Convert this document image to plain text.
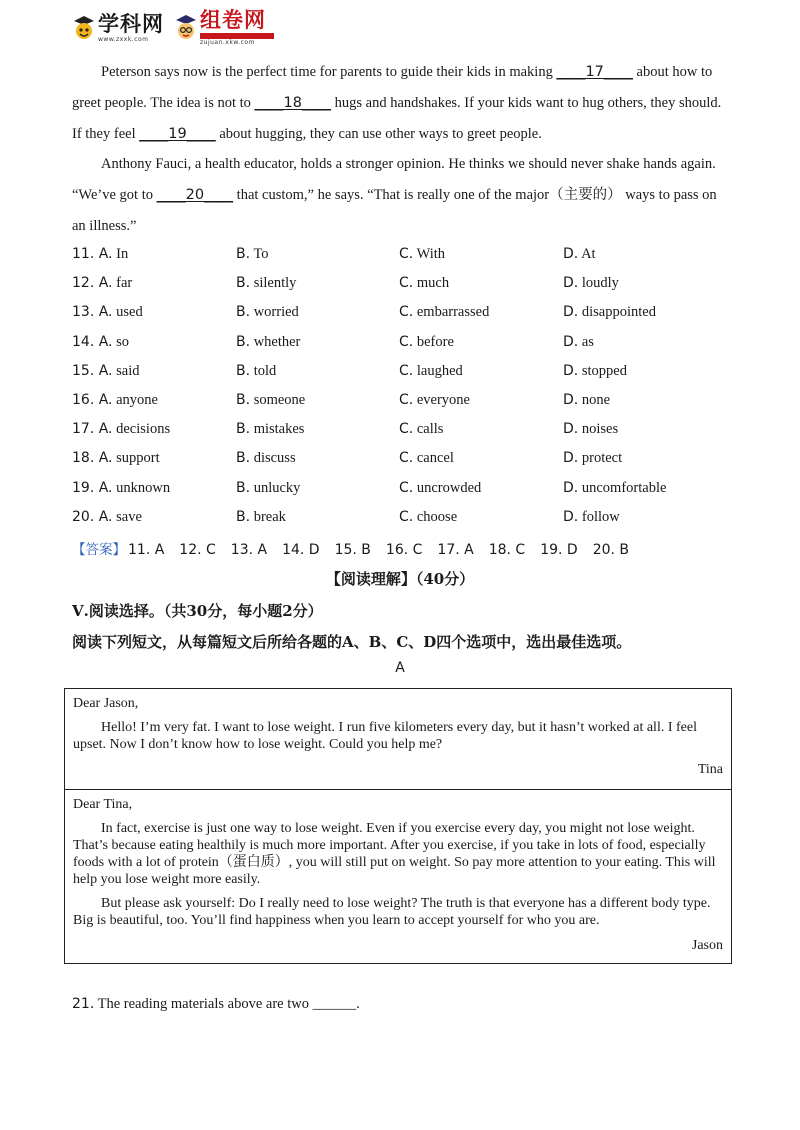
学科网
www.zxxk.com
组卷网
zujuan.xkw.com
Peterson says now is the perfect time for parents to guide their kids in making ____17____ about how to greet people. The idea is not to ____18____ hugs and handshakes. If your kids want to hug others, they should. If they feel ____19____ about hugging, they can use other ways to greet people.
Anthony Fauci, a health educator, holds a stronger opinion. He thinks we should never shake hands again. “We’ve got to ____20____ that custom,” he says. “That is really one of the major（主要的） ways to pass on an illness.”
11. A. In	B. To	C. With	D. At
12. A. far	B. silently	C. much	D. loudly
13. A. used	B. worried	C. embarrassed	D. disappointed
14. A. so	B. whether	C. before	D. as
15. A. said	B. told	C. laughed	D. stopped
16. A. anyone	B. someone	C. everyone	D. none
17. A. decisions	B. mistakes	C. calls	D. noises
18. A. support	B. discuss	C. cancel	D. protect
19. A. unknown	B. unlucky	C. uncrowded	D. uncomfortable
20. A. save	B. break	C. choose	D. follow
【答案】 11. A 12. C 13. A 14. D 15. B 16. C 17. A 18. C 19. D 20. B
【阅读理解】（40分）
Ⅴ.阅读选择。（共30分，每小题2分）
阅读下列短文，从每篇短文后所给各题的A、B、C、D四个选项中，选出最佳选项。
A

Dear Jason,

Hello! I’m very fat. I want to lose weight. I run five kilometers every day, but it hasn’t worked at all. I feel upset. Now I don’t know how to lose weight. Could you help me?

Tina

Dear Tina,

In fact, exercise is just one way to lose weight. Even if you exercise every day, you might not lose weight. That’s because eating healthily is much more important. After you exercise, if you take in lots of food, especially foods with a lot of protein（蛋白质）, you will still put on weight. So pay more attention to your eating. This will help you lose weight more easily.

But please ask yourself: Do I really need to lose weight? The truth is that everyone has a different body type. Big is beautiful, too. You’ll find happiness when you learn to accept yourself for who you are.

Jason

21. The reading materials above are two ______.
